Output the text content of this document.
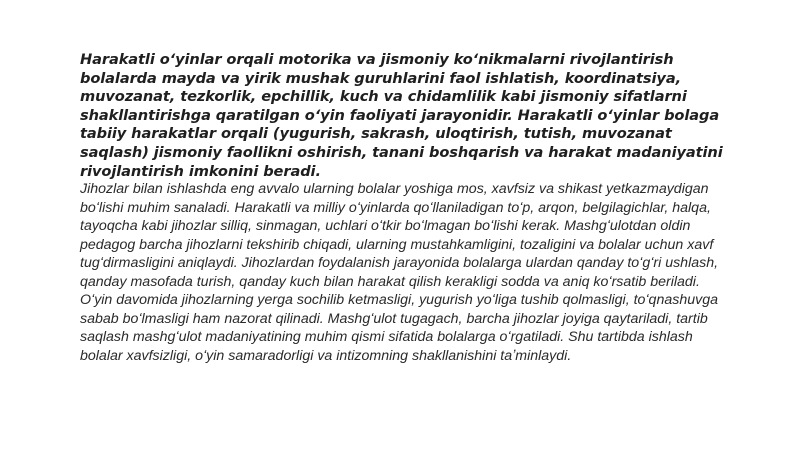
Harakatli oʻyinlar orqali motorika va jismoniy koʻnikmalarni rivojlantirish bolalarda mayda va yirik mushak guruhlarini faol ishlatish, koordinatsiya, muvozanat, tezkorlik, epchillik, kuch va chidamlilik kabi jismoniy sifatlarni shakllantirishga qaratilgan oʻyin faoliyati jarayonidir. Harakatli oʻyinlar bolaga tabiiy harakatlar orqali (yugurish, sakrash, uloqtirish, tutish, muvozanat saqlash) jismoniy faollikni oshirish, tanani boshqarish va harakat madaniyatini rivojlantirish imkonini beradi.

Jihozlar bilan ishlashda eng avvalo ularning bolalar yoshiga mos, xavfsiz va shikast yetkazmaydigan boʻlishi muhim sanaladi. Harakatli va milliy oʻyinlarda qoʻllaniladigan toʻp, arqon, belgilagichlar, halqa, tayoqcha kabi jihozlar silliq, sinmagan, uchlari oʻtkir boʻlmagan boʻlishi kerak. Mashgʻulotdan oldin pedagog barcha jihozlarni tekshirib chiqadi, ularning mustahkamligini, tozaligini va bolalar uchun xavf tugʻdirmasligini aniqlaydi. Jihozlardan foydalanish jarayonida bolalarga ulardan qanday toʻgʻri ushlash, qanday masofada turish, qanday kuch bilan harakat qilish kerakligi sodda va aniq koʻrsatib beriladi. Oʻyin davomida jihozlarning yerga sochilib ketmasligi, yugurish yoʻliga tushib qolmasligi, toʻqnashuvga sabab boʻlmasligi ham nazorat qilinadi. Mashgʻulot tugagach, barcha jihozlar joyiga qaytariladi, tartib saqlash mashgʻulot madaniyatining muhim qismi sifatida bolalarga oʻrgatiladi. Shu tartibda ishlash bolalar xavfsizligi, oʻyin samaradorligi va intizomning shakllanishini taʼminlaydi.
